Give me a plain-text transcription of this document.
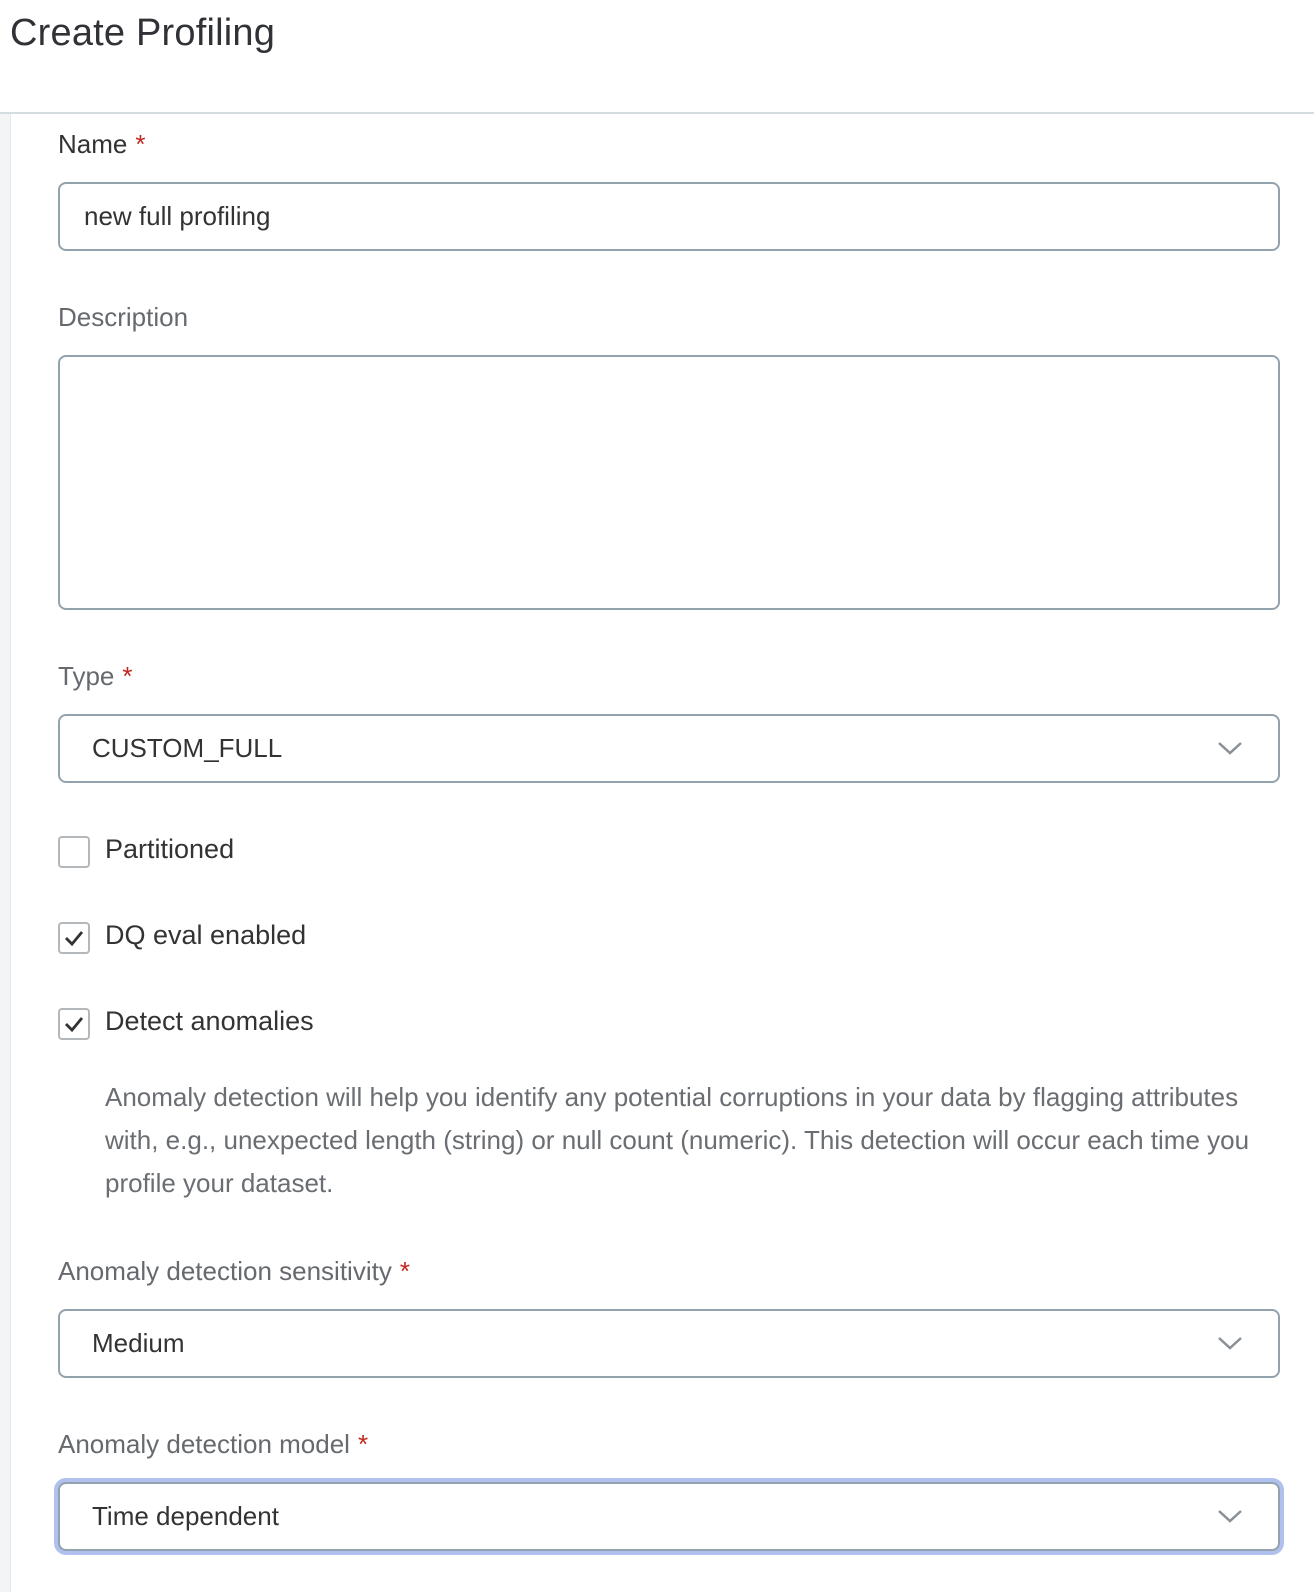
Create Profiling
Name *
new full profiling
Description
Type *
CUSTOM_FULL
Partitioned
DQ eval enabled
Detect anomalies
Anomaly detection will help you identify any potential corruptions in your data by flagging attributes with, e.g., unexpected length (string) or null count (numeric). This detection will occur each time you profile your dataset.
Anomaly detection sensitivity *
Medium
Anomaly detection model *
Time dependent
